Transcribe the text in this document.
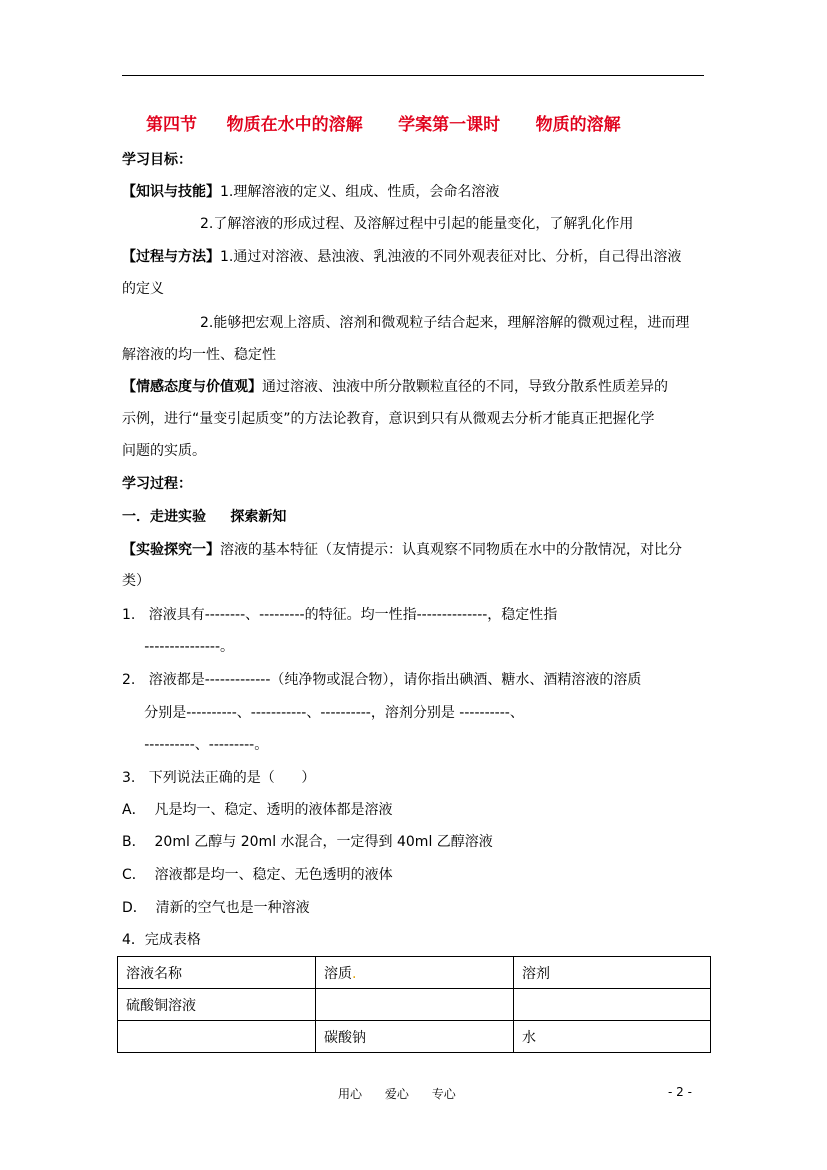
第四节     物质在水中的溶解      学案第一课时      物质的溶解
学习目标：
【知识与技能】1.理解溶液的定义、组成、性质，会命名溶液
2.了解溶液的形成过程、及溶解过程中引起的能量变化，了解乳化作用
【过程与方法】1.通过对溶液、悬浊液、乳浊液的不同外观表征对比、分析，自己得出溶液
的定义
2.能够把宏观上溶质、溶剂和微观粒子结合起来，理解溶解的微观过程，进而理
解溶液的均一性、稳定性
【情感态度与价值观】通过溶液、浊液中所分散颗粒直径的不同，导致分散系性质差异的
示例，进行“量变引起质变”的方法论教育，意识到只有从微观去分析才能真正把握化学
问题的实质。
学习过程：
一．走进实验     探索新知
【实验探究一】溶液的基本特征（友情提示：认真观察不同物质在水中的分散情况，对比分
类）
1.   溶液具有--------、---------的特征。均一性指--------------，稳定性指
---------------。
2.   溶液都是-------------（纯净物或混合物），请你指出碘酒、糖水、酒精溶液的溶质
分别是----------、-----------、----------，溶剂分别是 ----------、
----------、---------。
3.   下列说法正确的是（      ）
A．  凡是均一、稳定、透明的液体都是溶液
B．  20ml 乙醇与 20ml 水混合，一定得到 40ml 乙醇溶液
C．  溶液都是均一、稳定、无色透明的液体
D．  清新的空气也是一种溶液
4．完成表格
溶液名称	溶质.	溶剂
硫酸铜溶液		
	碳酸钠	水
用心      爱心      专心	- 2 -
